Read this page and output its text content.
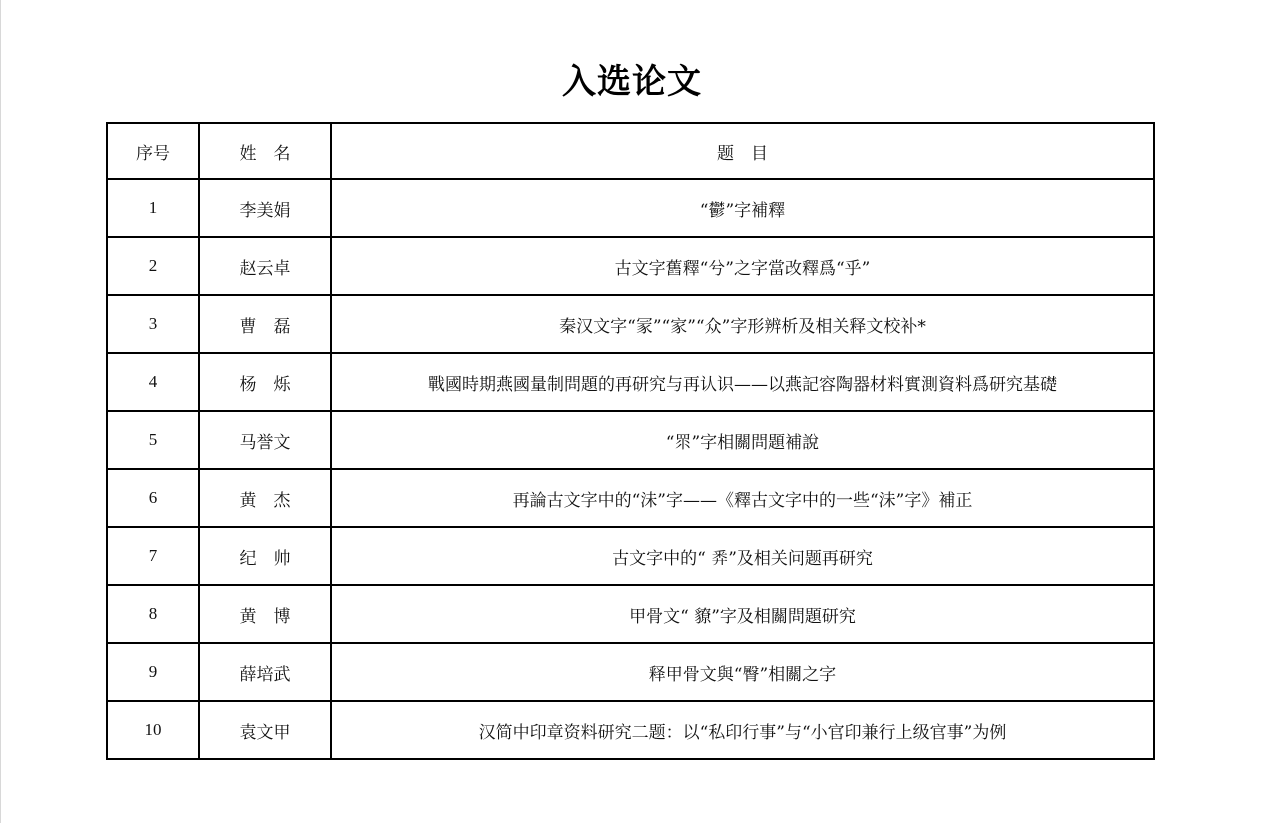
入选论文
序号	姓　名	题　目
1	李美娟	“鬱”字補釋
2	赵云卓	古文字舊釋“兮”之字當改釋爲“乎”
3	曹　磊	秦汉文字“冡”“家”“众”字形辨析及相关释文校补*
4	杨　烁	戰國時期燕國量制問題的再研究与再认识——以燕記容陶器材料實測資料爲研究基礎
5	马誉文	“眔”字相關問題補說
6	黄　杰	再論古文字中的“沬”字——《釋古文字中的一些“沬”字》補正
7	纪　帅	古文字中的“ 𢍏”及相关问题再研究
8	黄　博	甲骨文“ 䝤”字及相關問題研究
9	薛培武	释甲骨文與“臀”相關之字
10	袁文甲	汉简中印章资料研究二题：以“私印行事”与“小官印兼行上级官事”为例
